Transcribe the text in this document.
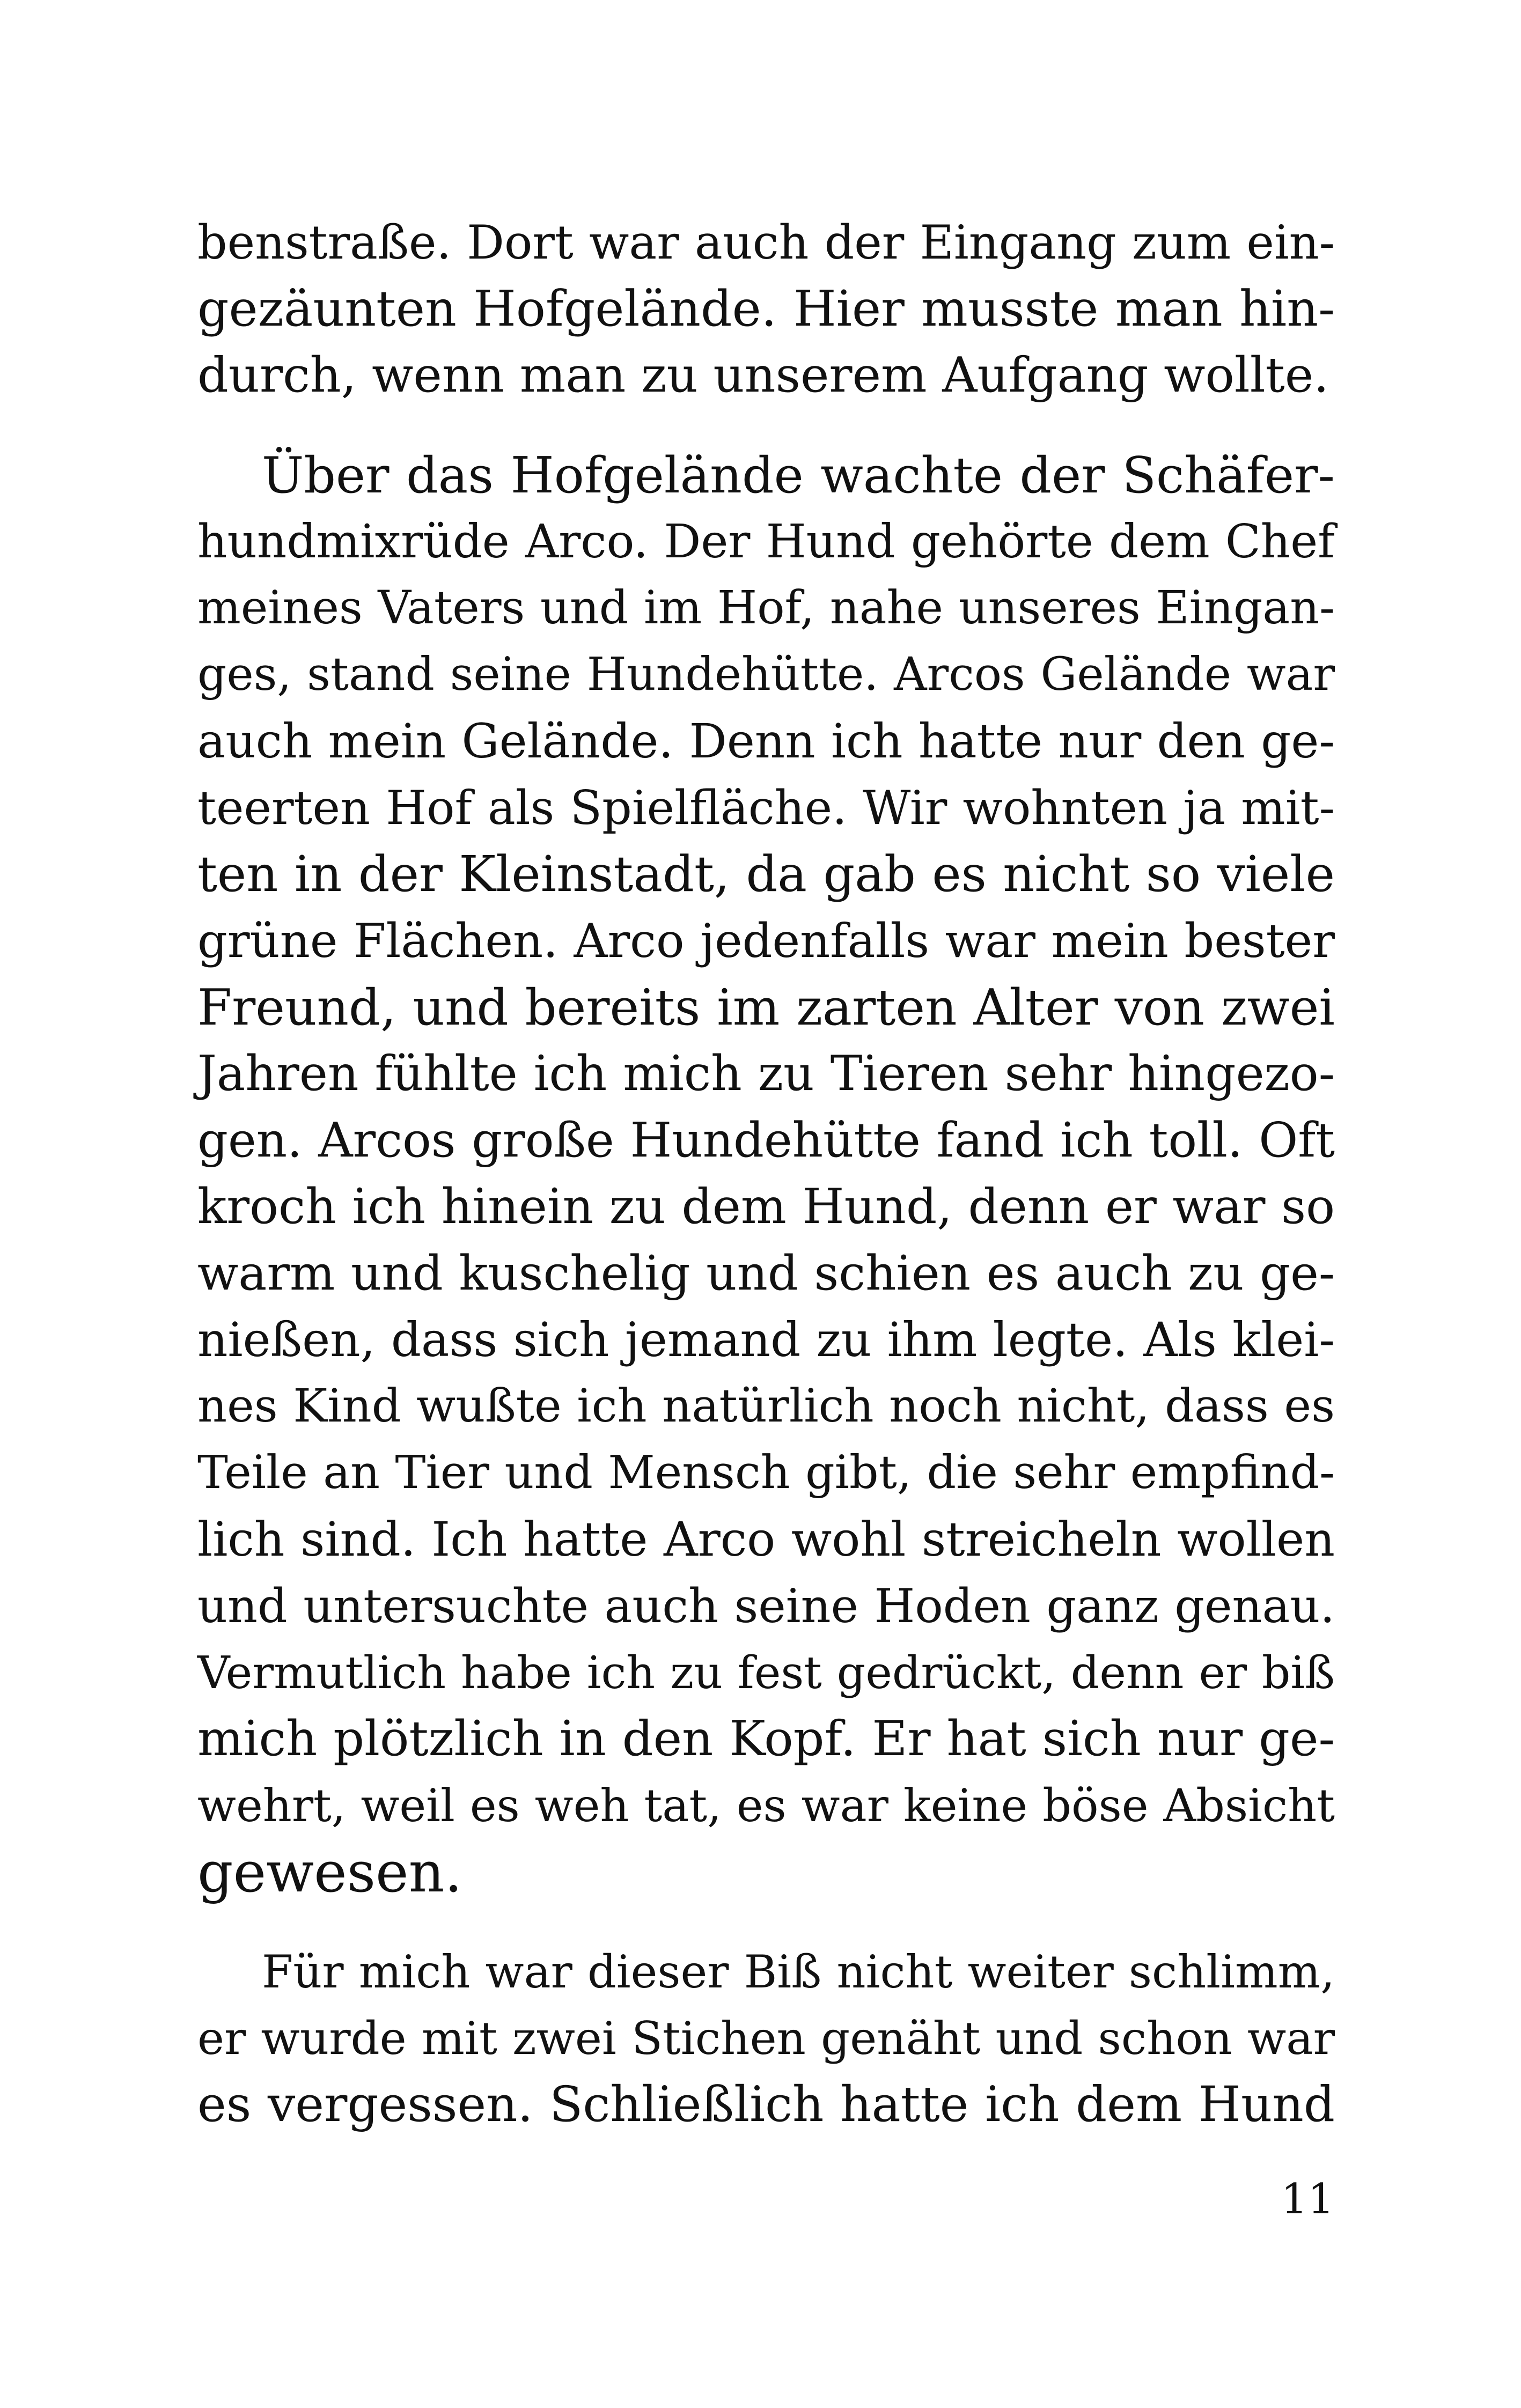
benstraße. Dort war auch der Eingang zum ein-
gezäunten Hofgelände. Hier musste man hin-
durch, wenn man zu unserem Aufgang wollte.
Über das Hofgelände wachte der Schäfer-
hundmixrüde Arco. Der Hund gehörte dem Chef
meines Vaters und im Hof, nahe unseres Eingan-
ges, stand seine Hundehütte. Arcos Gelände war
auch mein Gelände. Denn ich hatte nur den ge-
teerten Hof als Spielfläche. Wir wohnten ja mit-
ten in der Kleinstadt, da gab es nicht so viele
grüne Flächen. Arco jedenfalls war mein bester
Freund, und bereits im zarten Alter von zwei
Jahren fühlte ich mich zu Tieren sehr hingezo-
gen. Arcos große Hundehütte fand ich toll. Oft
kroch ich hinein zu dem Hund, denn er war so
warm und kuschelig und schien es auch zu ge-
nießen, dass sich jemand zu ihm legte. Als klei-
nes Kind wußte ich natürlich noch nicht, dass es
Teile an Tier und Mensch gibt, die sehr empfind-
lich sind. Ich hatte Arco wohl streicheln wollen
und untersuchte auch seine Hoden ganz genau.
Vermutlich habe ich zu fest gedrückt, denn er biß
mich plötzlich in den Kopf. Er hat sich nur ge-
wehrt, weil es weh tat, es war keine böse Absicht
gewesen.
Für mich war dieser Biß nicht weiter schlimm,
er wurde mit zwei Stichen genäht und schon war
es vergessen. Schließlich hatte ich dem Hund
11
